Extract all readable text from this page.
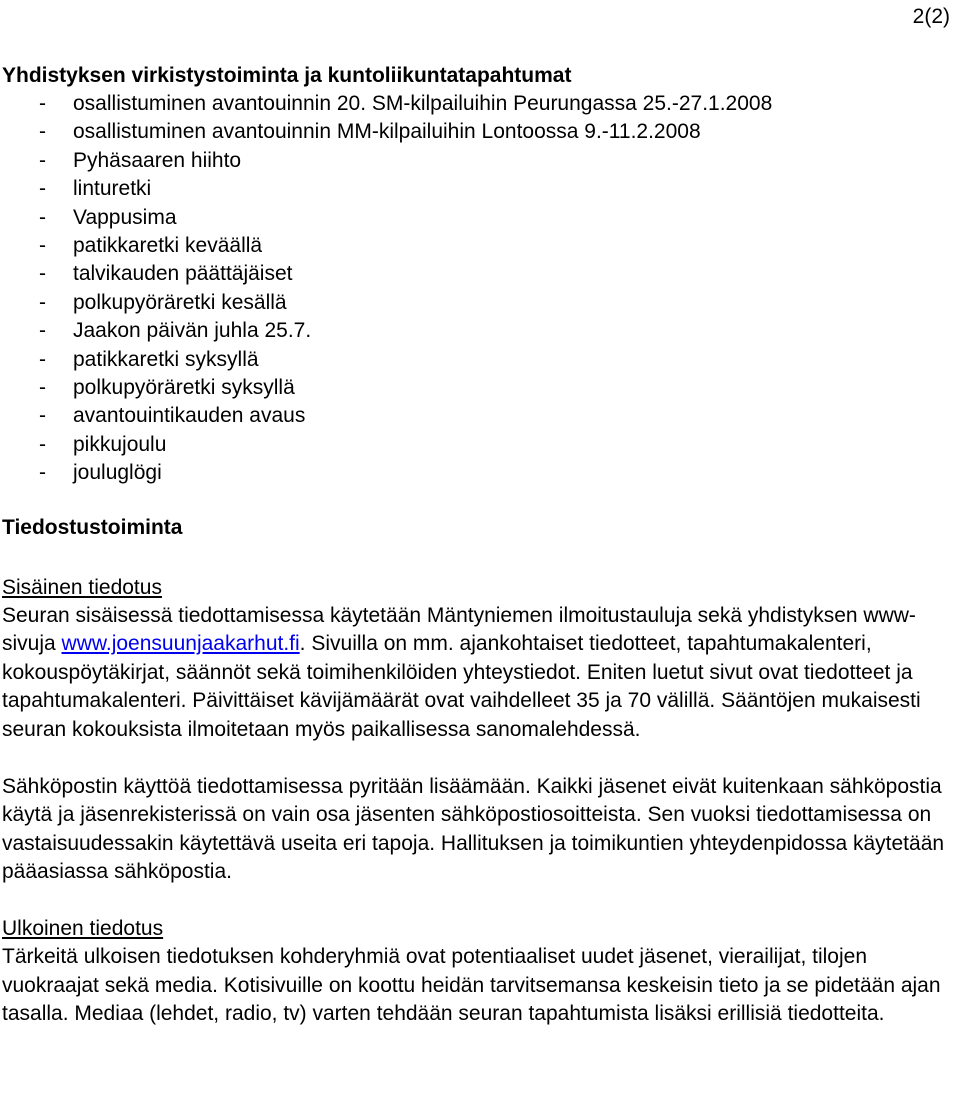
2(2)
Yhdistyksen virkistystoiminta ja kuntoliikuntatapahtumat
- osallistuminen avantouinnin 20. SM-kilpailuihin Peurungassa 25.-27.1.2008
- osallistuminen avantouinnin MM-kilpailuihin Lontoossa 9.-11.2.2008
- Pyhäsaaren hiihto
- linturetki
- Vappusima
- patikkaretki keväällä
- talvikauden päättäjäiset
- polkupyöräretki kesällä
- Jaakon päivän juhla 25.7.
- patikkaretki syksyllä
- polkupyöräretki syksyllä
- avantouintikauden avaus
- pikkujoulu
- jouluglögi
Tiedostustoiminta
Sisäinen tiedotus

Seuran sisäisessä tiedottamisessa käytetään Mäntyniemen ilmoitustauluja sekä yhdistyksen www-sivuja www.joensuunjaakarhut.fi. Sivuilla on mm. ajankohtaiset tiedotteet, tapahtumakalenteri, kokouspöytäkirjat, säännöt sekä toimihenkilöiden yhteystiedot. Eniten luetut sivut ovat tiedotteet ja tapahtumakalenteri. Päivittäiset kävijämäärät ovat vaihdelleet 35 ja 70 välillä. Sääntöjen mukaisesti seuran kokouksista ilmoitetaan myös paikallisessa sanomalehdessä.

Sähköpostin käyttöä tiedottamisessa pyritään lisäämään. Kaikki jäsenet eivät kuitenkaan sähköpostia käytä ja jäsenrekisterissä on vain osa jäsenten sähköpostiosoitteista. Sen vuoksi tiedottamisessa on vastaisuudessakin käytettävä useita eri tapoja. Hallituksen ja toimikuntien yhteydenpidossa käytetään pääasiassa sähköpostia.

Ulkoinen tiedotus

Tärkeitä ulkoisen tiedotuksen kohderyhmiä ovat potentiaaliset uudet jäsenet, vierailijat, tilojen vuokraajat sekä media. Kotisivuille on koottu heidän tarvitsemansa keskeisin tieto ja se pidetään ajan tasalla. Mediaa (lehdet, radio, tv) varten tehdään seuran tapahtumista lisäksi erillisiä tiedotteita.
